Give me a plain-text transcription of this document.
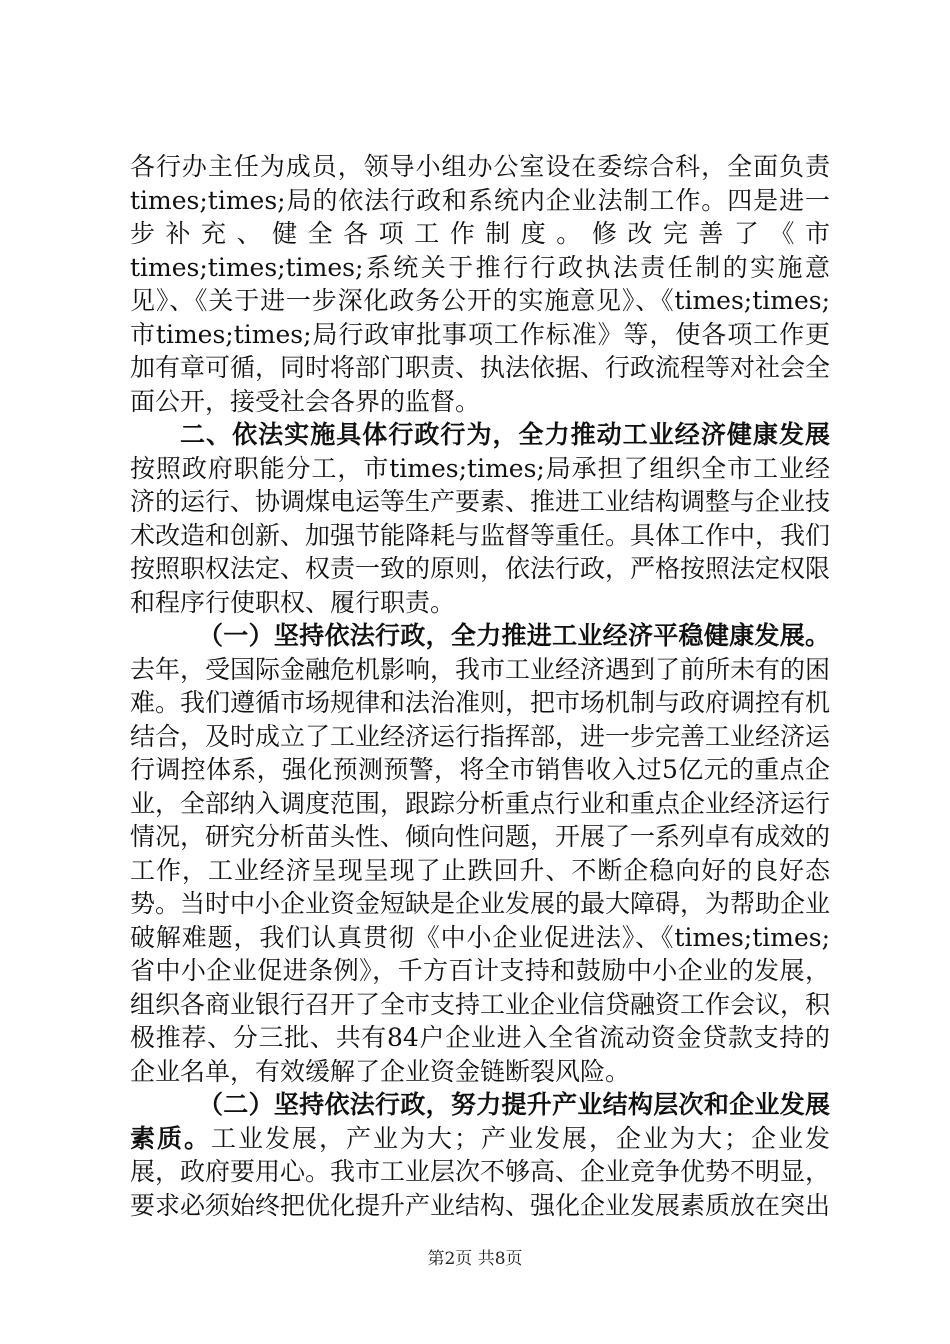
各行办主任为成员，领导小组办公室设在委综合科，全面负责times;times;局的依法行政和系统内企业法制工作。四是进一步补充、健全各项工作制度。修改完善了《市times;times;times;系统关于推行行政执法责任制的实施意见》、《关于进一步深化政务公开的实施意见》、《times;times;市times;times;局行政审批事项工作标准》等，使各项工作更加有章可循，同时将部门职责、执法依据、行政流程等对社会全面公开，接受社会各界的监督。

二、依法实施具体行政行为，全力推动工业经济健康发展按照政府职能分工，市times;times;局承担了组织全市工业经济的运行、协调煤电运等生产要素、推进工业结构调整与企业技术改造和创新、加强节能降耗与监督等重任。具体工作中，我们按照职权法定、权责一致的原则，依法行政，严格按照法定权限和程序行使职权、履行职责。

（一）坚持依法行政，全力推进工业经济平稳健康发展。去年，受国际金融危机影响，我市工业经济遇到了前所未有的困难。我们遵循市场规律和法治准则，把市场机制与政府调控有机结合，及时成立了工业经济运行指挥部，进一步完善工业经济运行调控体系，强化预测预警，将全市销售收入过5亿元的重点企业，全部纳入调度范围，跟踪分析重点行业和重点企业经济运行情况，研究分析苗头性、倾向性问题，开展了一系列卓有成效的工作，工业经济呈现呈现了止跌回升、不断企稳向好的良好态势。当时中小企业资金短缺是企业发展的最大障碍，为帮助企业破解难题，我们认真贯彻《中小企业促进法》、《times;times;省中小企业促进条例》，千方百计支持和鼓励中小企业的发展，组织各商业银行召开了全市支持工业企业信贷融资工作会议，积极推荐、分三批、共有84户企业进入全省流动资金贷款支持的企业名单，有效缓解了企业资金链断裂风险。

（二）坚持依法行政，努力提升产业结构层次和企业发展素质。工业发展，产业为大；产业发展，企业为大；企业发展，政府要用心。我市工业层次不够高、企业竞争优势不明显，要求必须始终把优化提升产业结构、强化企业发展素质放在突出

第2页 共8页
